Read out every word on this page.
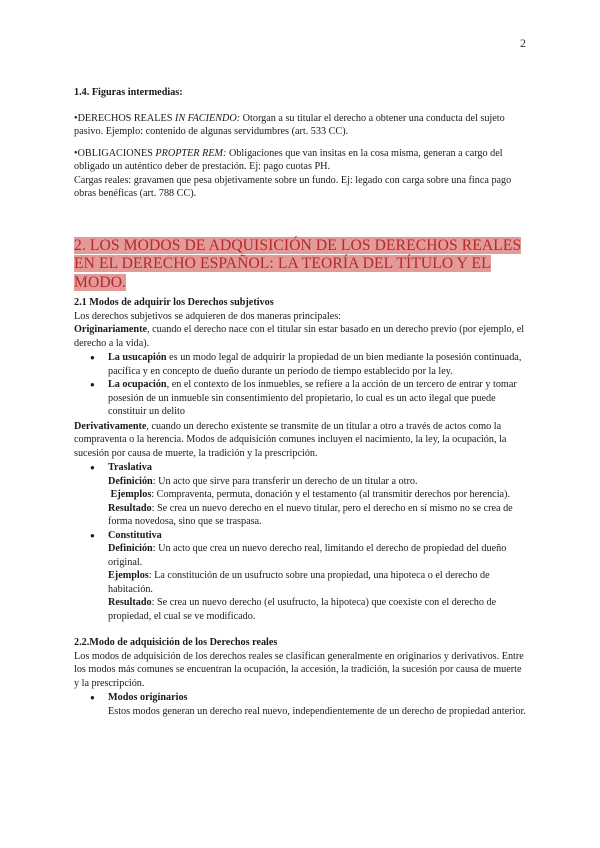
2

1.4. Figuras intermedias:

•DERECHOS REALES IN FACIENDO: Otorgan a su titular el derecho a obtener una conducta del sujeto pasivo. Ejemplo: contenido de algunas servidumbres (art. 533 CC).

•OBLIGACIONES PROPTER REM: Obligaciones que van insitas en la cosa misma, generan a cargo del obligado un auténtico deber de prestación. Ej: pago cuotas PH.

Cargas reales: gravamen que pesa objetivamente sobre un fundo. Ej: legado con carga sobre una finca pago obras benéficas (art. 788 CC).

2. LOS MODOS DE ADQUISICIÓN DE LOS DERECHOS REALES
EN EL DERECHO ESPAÑOL: LA TEORÍA DEL TÍTULO Y EL
MODO.

2.1 Modos de adquirir los Derechos subjetivos

Los derechos subjetivos se adquieren de dos maneras principales:

Originariamente, cuando el derecho nace con el titular sin estar basado en un derecho previo (por ejemplo, el derecho a la vida).

● La usucapión es un modo legal de adquirir la propiedad de un bien mediante la posesión continuada, pacífica y en concepto de dueño durante un período de tiempo establecido por la ley.
● La ocupación, en el contexto de los inmuebles, se refiere a la acción de un tercero de entrar y tomar posesión de un inmueble sin consentimiento del propietario, lo cual es un acto ilegal que puede constituir un delito

Derivativamente, cuando un derecho existente se transmite de un titular a otro a través de actos como la compraventa o la herencia. Modos de adquisición comunes incluyen el nacimiento, la ley, la ocupación, la sucesión por causa de muerte, la tradición y la prescripción.

● Traslativa
Definición: Un acto que sirve para transferir un derecho de un titular a otro.
Ejemplos: Compraventa, permuta, donación y el testamento (al transmitir derechos por herencia).
Resultado: Se crea un nuevo derecho en el nuevo titular, pero el derecho en sí mismo no se crea de forma novedosa, sino que se traspasa.
● Constitutiva
Definición: Un acto que crea un nuevo derecho real, limitando el derecho de propiedad del dueño original.
Ejemplos: La constitución de un usufructo sobre una propiedad, una hipoteca o el derecho de habitación.
Resultado: Se crea un nuevo derecho (el usufructo, la hipoteca) que coexiste con el derecho de propiedad, el cual se ve modificado.

2.2.Modo de adquisición de los Derechos reales

Los modos de adquisición de los derechos reales se clasifican generalmente en originarios y derivativos. Entre los modos más comunes se encuentran la ocupación, la accesión, la tradición, la sucesión por causa de muerte y la prescripción.

● Modos originarios
Estos modos generan un derecho real nuevo, independientemente de un derecho de propiedad anterior.
